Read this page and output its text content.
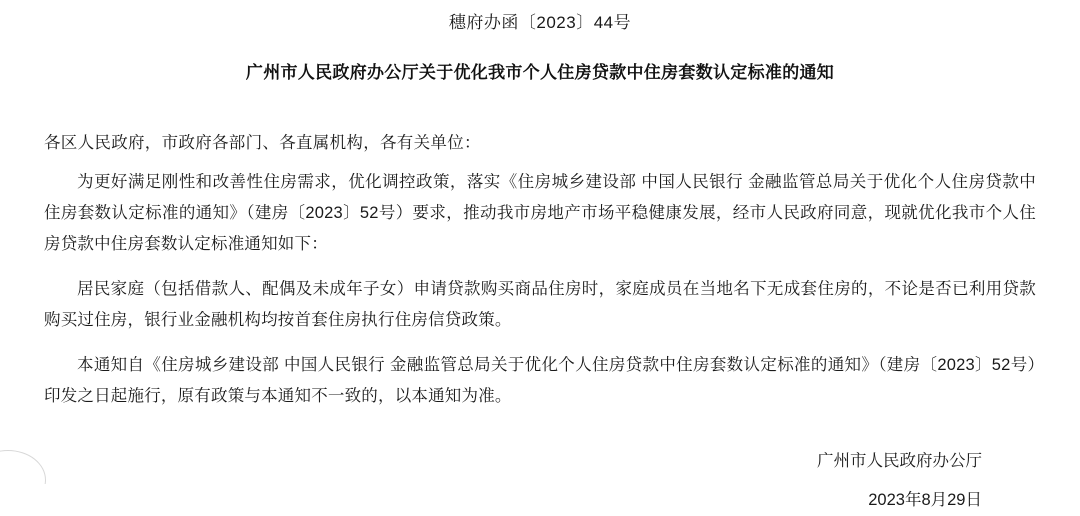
穗府办函〔2023〕44号
广州市人民政府办公厅关于优化我市个人住房贷款中住房套数认定标准的通知
各区人民政府，市政府各部门、各直属机构，各有关单位：
为更好满足刚性和改善性住房需求，优化调控政策，落实《住房城乡建设部 中国人民银行 金融监管总局关于优化个人住房贷款中住房套数认定标准的通知》（建房〔2023〕52号）要求，推动我市房地产市场平稳健康发展，经市人民政府同意，现就优化我市个人住房贷款中住房套数认定标准通知如下：
居民家庭（包括借款人、配偶及未成年子女）申请贷款购买商品住房时，家庭成员在当地名下无成套住房的，不论是否已利用贷款购买过住房，银行业金融机构均按首套住房执行住房信贷政策。
本通知自《住房城乡建设部 中国人民银行 金融监管总局关于优化个人住房贷款中住房套数认定标准的通知》（建房〔2023〕52号）印发之日起施行，原有政策与本通知不一致的，以本通知为准。
广州市人民政府办公厅
2023年8月29日
